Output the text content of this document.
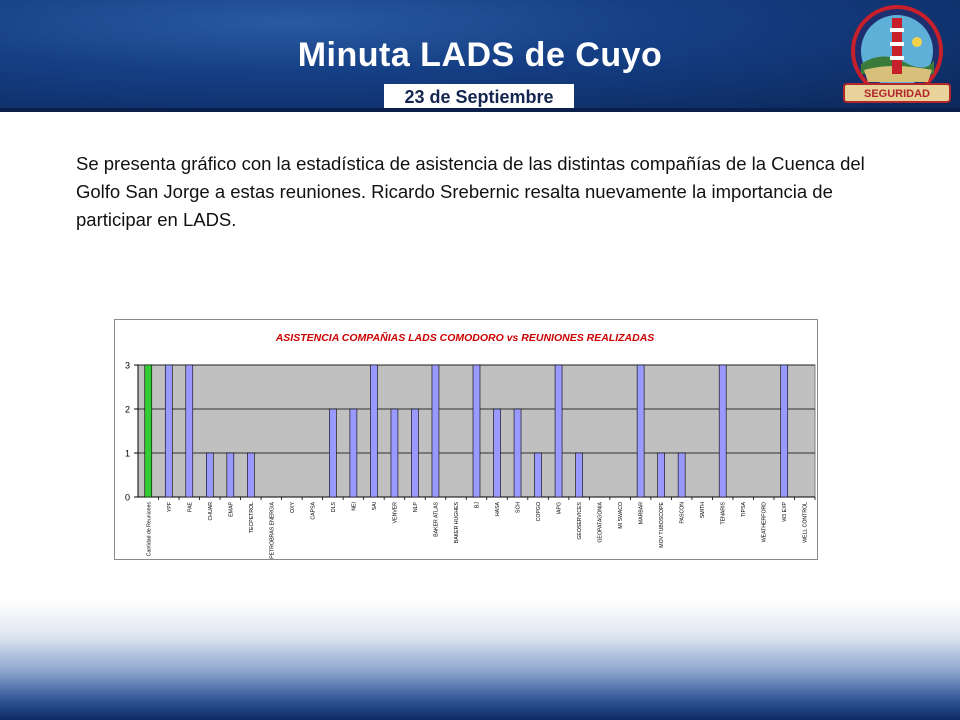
Minuta LADS de Cuyo
23 de Septiembre	SEGURIDAD
Se presenta gráfico con la estadística de asistencia de las distintas compañías de la Cuenca del Golfo San Jorge a estas reuniones. Ricardo Srebernic resalta nuevamente la importancia de participar en LADS.
ASISTENCIA COMPAÑIAS LADS COMODORO vs REUNIONES REALIZADAS
0
1
2
3
Cantidad de Reuniones	YPF	PAE	CHUAR	EMAP	TECPETROL	PETROBRAS ENERGIA	OXY	CAPSA	DLS	NEI	SAI	VENVER	NLP	BAKER ATLAS	BAKER HUGHES	BJ	HASA	SCH	COPGO	IAPG	GEOSERVICES	GEOPATAGONIA	MI SWACO	MARBAR	MOV TUBOSCOPE	PASCON	SMITH	TENARIS	TIPSA	WEATHERFORD	W3 EXP	WELL CONTROL
